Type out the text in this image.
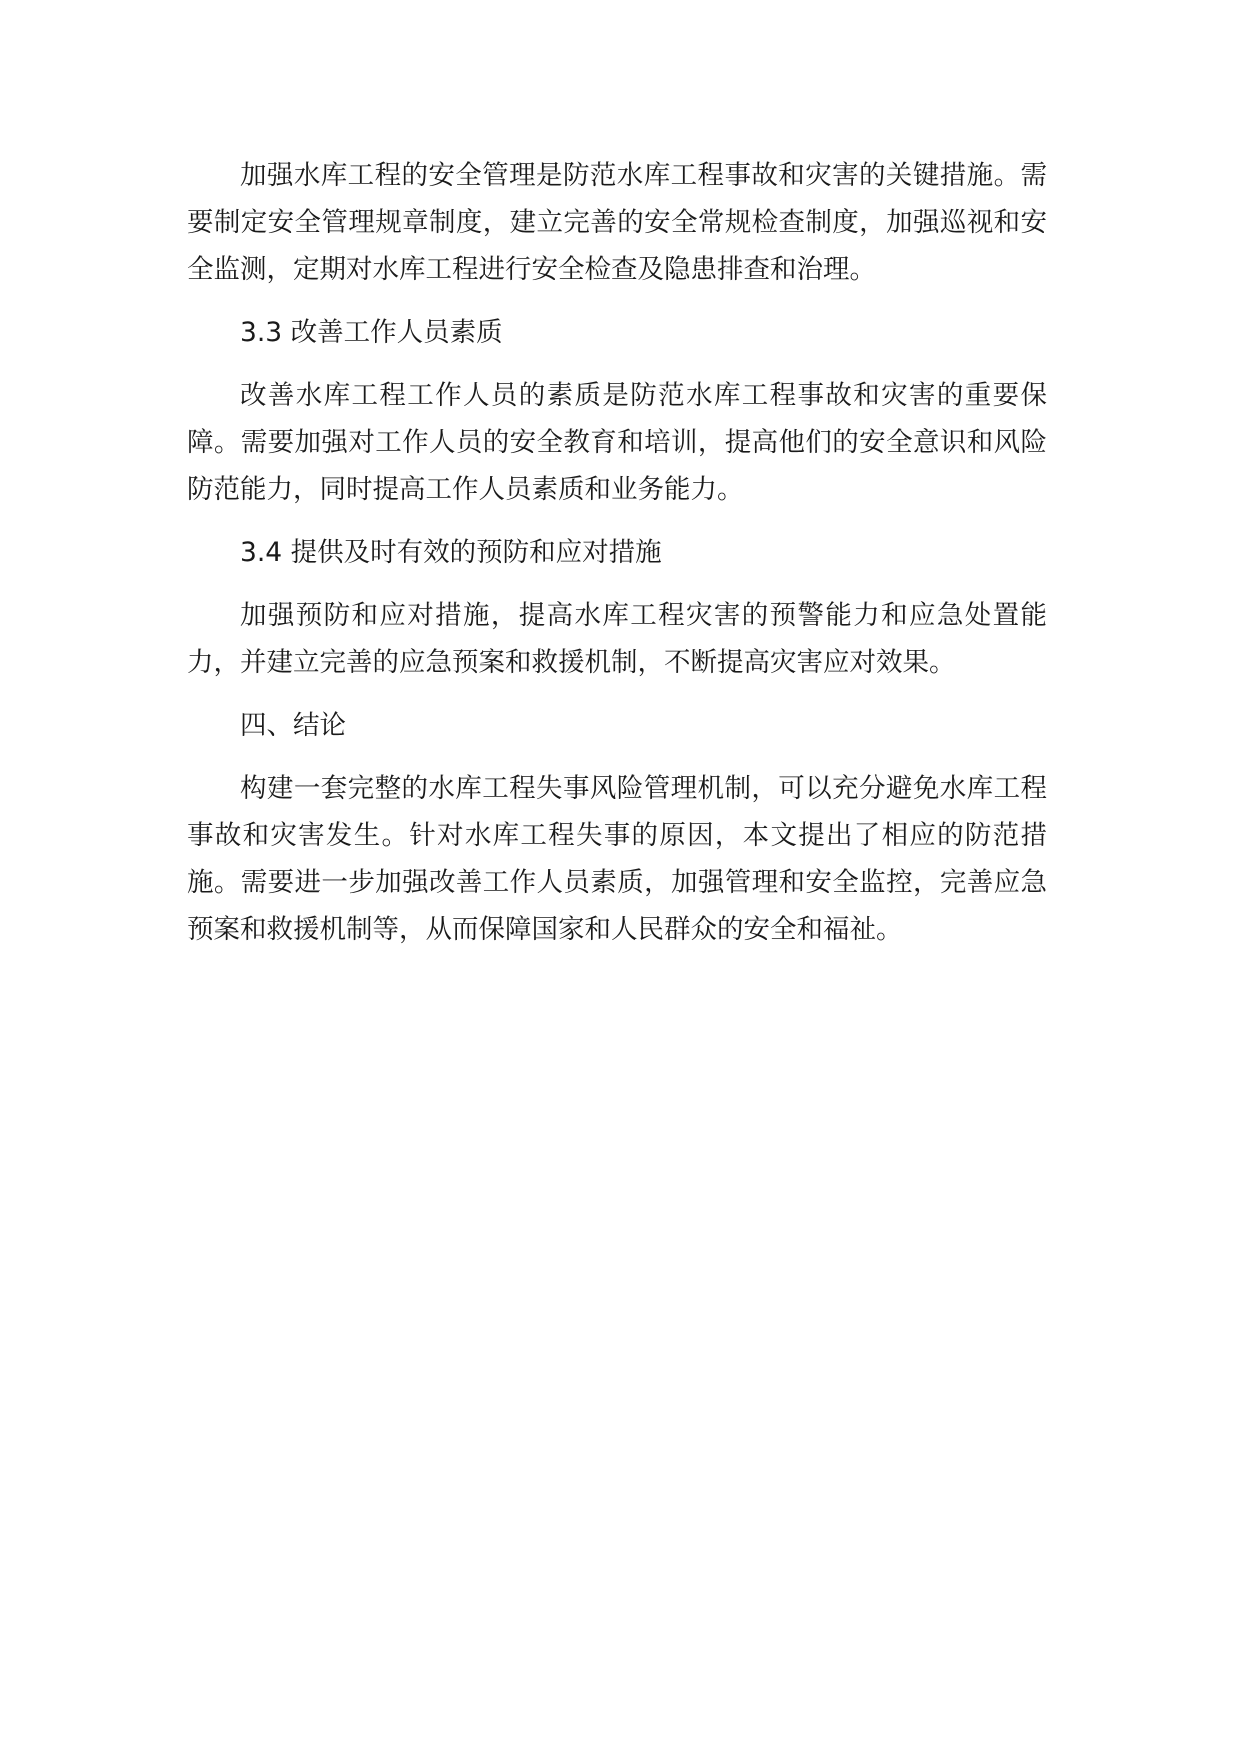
加强水库工程的安全管理是防范水库工程事故和灾害的关键措施。需要制定安全管理规章制度，建立完善的安全常规检查制度，加强巡视和安全监测，定期对水库工程进行安全检查及隐患排查和治理。

3.3 改善工作人员素质

改善水库工程工作人员的素质是防范水库工程事故和灾害的重要保障。需要加强对工作人员的安全教育和培训，提高他们的安全意识和风险防范能力，同时提高工作人员素质和业务能力。

3.4 提供及时有效的预防和应对措施

加强预防和应对措施，提高水库工程灾害的预警能力和应急处置能力，并建立完善的应急预案和救援机制，不断提高灾害应对效果。

四、结论

构建一套完整的水库工程失事风险管理机制，可以充分避免水库工程事故和灾害发生。针对水库工程失事的原因，本文提出了相应的防范措施。需要进一步加强改善工作人员素质，加强管理和安全监控，完善应急预案和救援机制等，从而保障国家和人民群众的安全和福祉。
